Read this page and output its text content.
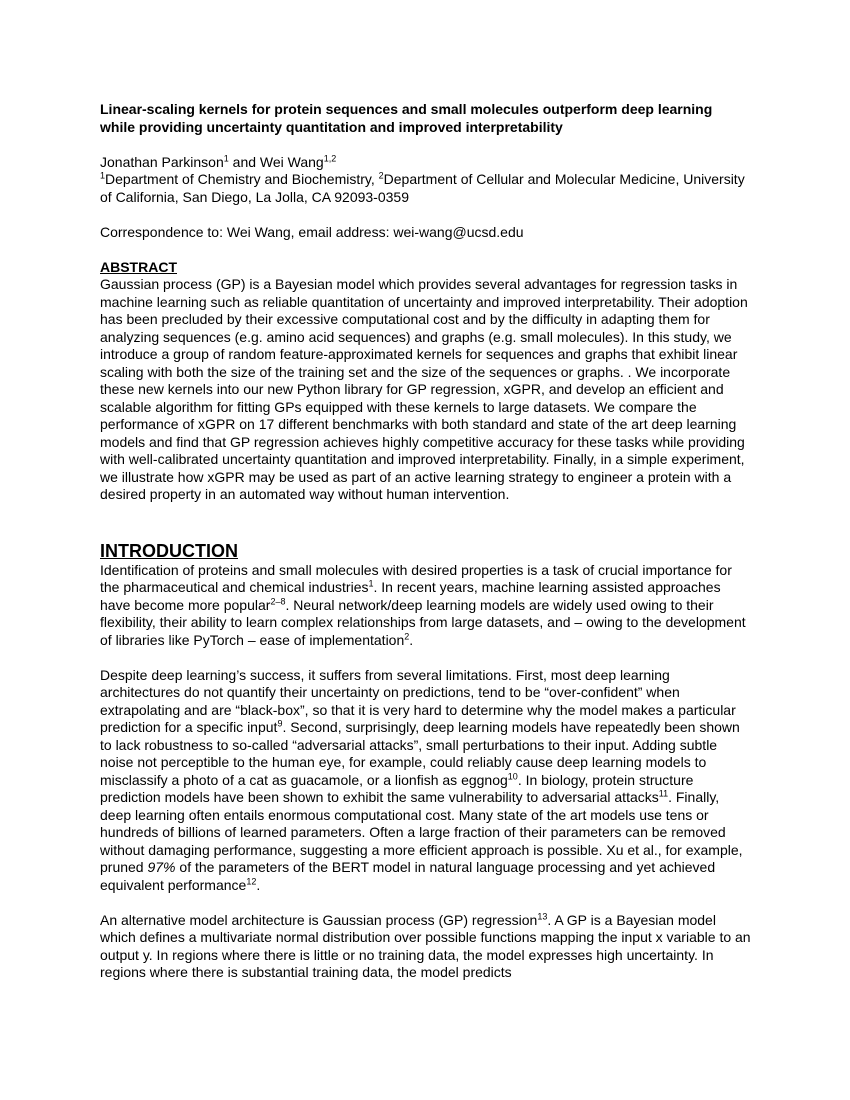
Linear-scaling kernels for protein sequences and small molecules outperform deep learning while providing uncertainty quantitation and improved interpretability

Jonathan Parkinson$^1$ and Wei Wang$^{1,2}$

$^1$Department of Chemistry and Biochemistry, $^2$Department of Cellular and Molecular Medicine, University of California, San Diego, La Jolla, CA 92093-0359

Correspondence to: Wei Wang, email address: wei-wang@ucsd.edu

ABSTRACT

Gaussian process (GP) is a Bayesian model which provides several advantages for regression tasks in machine learning such as reliable quantitation of uncertainty and improved interpretability. Their adoption has been precluded by their excessive computational cost and by the difficulty in adapting them for analyzing sequences (e.g. amino acid sequences) and graphs (e.g. small molecules). In this study, we introduce a group of random feature-approximated kernels for sequences and graphs that exhibit linear scaling with both the size of the training set and the size of the sequences or graphs. . We incorporate these new kernels into our new Python library for GP regression, xGPR, and develop an efficient and scalable algorithm for fitting GPs equipped with these kernels to large datasets. We compare the performance of xGPR on 17 different benchmarks with both standard and state of the art deep learning models and find that GP regression achieves highly competitive accuracy for these tasks while providing with well-calibrated uncertainty quantitation and improved interpretability. Finally, in a simple experiment, we illustrate how xGPR may be used as part of an active learning strategy to engineer a protein with a desired property in an automated way without human intervention.

INTRODUCTION

Identification of proteins and small molecules with desired properties is a task of crucial importance for the pharmaceutical and chemical industries$^1$. In recent years, machine learning assisted approaches have become more popular$^{2-8}$. Neural network/deep learning models are widely used owing to their flexibility, their ability to learn complex relationships from large datasets, and – owing to the development of libraries like PyTorch – ease of implementation$^2$.

Despite deep learning’s success, it suffers from several limitations. First, most deep learning architectures do not quantify their uncertainty on predictions, tend to be “over-confident” when extrapolating and are “black-box”, so that it is very hard to determine why the model makes a particular prediction for a specific input$^9$. Second, surprisingly, deep learning models have repeatedly been shown to lack robustness to so-called “adversarial attacks”, small perturbations to their input. Adding subtle noise not perceptible to the human eye, for example, could reliably cause deep learning models to misclassify a photo of a cat as guacamole, or a lionfish as eggnog$^{10}$. In biology, protein structure prediction models have been shown to exhibit the same vulnerability to adversarial attacks$^{11}$. Finally, deep learning often entails enormous computational cost. Many state of the art models use tens or hundreds of billions of learned parameters. Often a large fraction of their parameters can be removed without damaging performance, suggesting a more efficient approach is possible. Xu et al., for example, pruned 97% of the parameters of the BERT model in natural language processing and yet achieved equivalent performance$^{12}$.

An alternative model architecture is Gaussian process (GP) regression$^{13}$. A GP is a Bayesian model which defines a multivariate normal distribution over possible functions mapping the input x variable to an output y. In regions where there is little or no training data, the model expresses high uncertainty. In regions where there is substantial training data, the model predicts
